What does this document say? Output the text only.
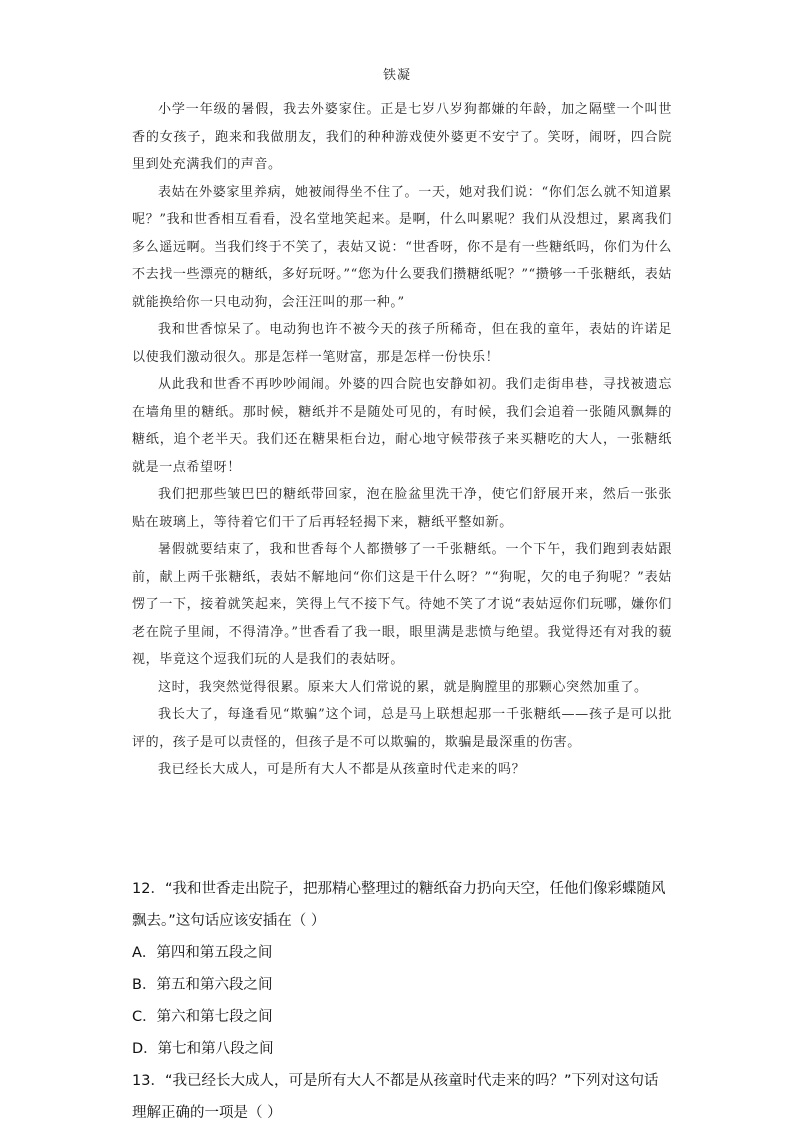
铁凝

小学一年级的暑假，我去外婆家住。正是七岁八岁狗都嫌的年龄，加之隔壁一个叫世香的女孩子，跑来和我做朋友，我们的种种游戏使外婆更不安宁了。笑呀，闹呀，四合院里到处充满我们的声音。

表姑在外婆家里养病，她被闹得坐不住了。一天，她对我们说：“你们怎么就不知道累呢？”我和世香相互看看，没名堂地笑起来。是啊，什么叫累呢？我们从没想过，累离我们多么遥远啊。当我们终于不笑了，表姑又说：“世香呀，你不是有一些糖纸吗，你们为什么不去找一些漂亮的糖纸，多好玩呀。”“您为什么要我们攒糖纸呢？”“攒够一千张糖纸，表姑就能换给你一只电动狗，会汪汪叫的那一种。”

我和世香惊呆了。电动狗也许不被今天的孩子所稀奇，但在我的童年，表姑的许诺足以使我们激动很久。那是怎样一笔财富，那是怎样一份快乐！

从此我和世香不再吵吵闹闹。外婆的四合院也安静如初。我们走街串巷，寻找被遗忘在墙角里的糖纸。那时候，糖纸并不是随处可见的，有时候，我们会追着一张随风飘舞的糖纸，追个老半天。我们还在糖果柜台边，耐心地守候带孩子来买糖吃的大人，一张糖纸就是一点希望呀！

我们把那些皱巴巴的糖纸带回家，泡在脸盆里洗干净，使它们舒展开来，然后一张张贴在玻璃上，等待着它们干了后再轻轻揭下来，糖纸平整如新。

暑假就要结束了，我和世香每个人都攒够了一千张糖纸。一个下午，我们跑到表姑跟前，献上两千张糖纸，表姑不解地问“你们这是干什么呀？”“狗呢，欠的电子狗呢？”表姑愣了一下，接着就笑起来，笑得上气不接下气。待她不笑了才说“表姑逗你们玩哪，嫌你们老在院子里闹，不得清净。”世香看了我一眼，眼里满是悲愤与绝望。我觉得还有对我的藐视，毕竟这个逗我们玩的人是我们的表姑呀。

这时，我突然觉得很累。原来大人们常说的累，就是胸膛里的那颗心突然加重了。

我长大了，每逢看见“欺骗”这个词，总是马上联想起那一千张糖纸——孩子是可以批评的，孩子是可以责怪的，但孩子是不可以欺骗的，欺骗是最深重的伤害。

我已经长大成人，可是所有大人不都是从孩童时代走来的吗？

12．“我和世香走出院子，把那精心整理过的糖纸奋力扔向天空，任他们像彩蝶随风飘去。”这句话应该安插在（ ）

A．第四和第五段之间
B．第五和第六段之间
C．第六和第七段之间
D．第七和第八段之间

13．“我已经长大成人，可是所有大人不都是从孩童时代走来的吗？”下列对这句话理解正确的一项是（ ）
